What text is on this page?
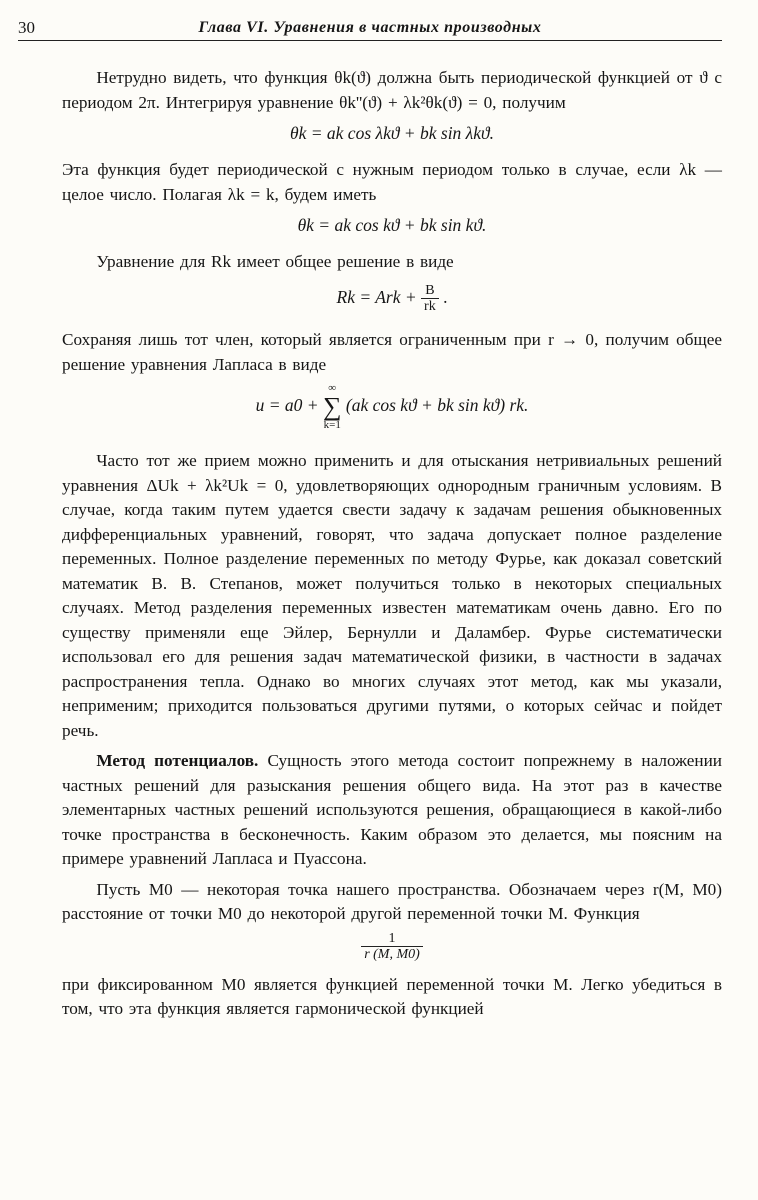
30	Глава VI. Уравнения в частных производных

Нетрудно видеть, что функция θk(ϑ) должна быть периодической функцией от ϑ с периодом 2π. Интегрируя уравнение θk''(ϑ) + λk²θk(ϑ) = 0, получим

θk = ak cos λkϑ + bk sin λkϑ.

Эта функция будет периодической с нужным периодом только в случае, если λk — целое число. Полагая λk = k, будем иметь

θk = ak cos kϑ + bk sin kϑ.

Уравнение для Rk имеет общее решение в виде

Rk = Ark + $\frac{B}{rk}$ .

Сохраняя лишь тот член, который является ограниченным при r → 0, получим общее решение уравнения Лапласа в виде

u = a0 +
∞
∑
k=1
(ak cos kϑ + bk sin kϑ) rk.

Часто тот же прием можно применить и для отыскания нетривиальных решений уравнения ΔUk + λk²Uk = 0, удовлетворяющих однородным граничным условиям. В случае, когда таким путем удается свести задачу к задачам решения обыкновенных дифференциальных уравнений, говорят, что задача допускает полное разделение переменных. Полное разделение переменных по методу Фурье, как доказал советский математик В. В. Степанов, может получиться только в некоторых специальных случаях. Метод разделения переменных известен математикам очень давно. Его по существу применяли еще Эйлер, Бернулли и Даламбер. Фурье систематически использовал его для решения задач математической физики, в частности в задачах распространения тепла. Однако во многих случаях этот метод, как мы указали, неприменим; приходится пользоваться другими путями, о которых сейчас и пойдет речь.

Метод потенциалов. Сущность этого метода состоит попрежнему в наложении частных решений для разыскания решения общего вида. На этот раз в качестве элементарных частных решений используются решения, обращающиеся в какой-либо точке пространства в бесконечность. Каким образом это делается, мы поясним на примере уравнений Лапласа и Пуассона.

Пусть M0 — некоторая точка нашего пространства. Обозначаем через r(M, M0) расстояние от точки M0 до некоторой другой переменной точки M. Функция

$\frac{1}{r (M, M0)}$

при фиксированном M0 является функцией переменной точки M. Легко убедиться в том, что эта функция является гармонической функцией
